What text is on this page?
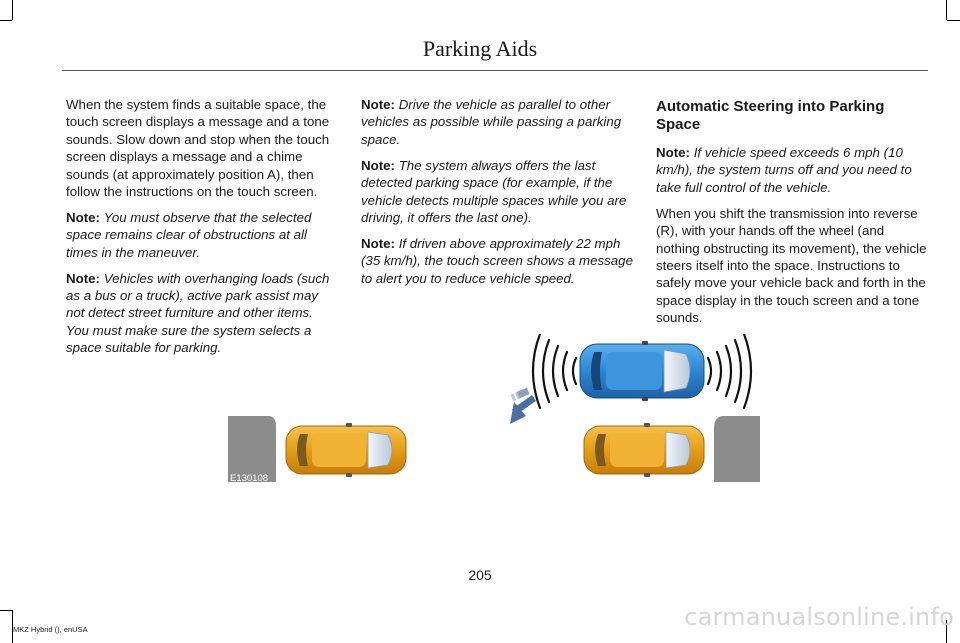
Parking Aids

When the system finds a suitable space, the touch screen displays a message and a tone sounds. Slow down and stop when the touch screen displays a message and a chime sounds (at approximately position A), then follow the instructions on the touch screen.

Note: You must observe that the selected space remains clear of obstructions at all times in the maneuver.

Note: Vehicles with overhanging loads (such as a bus or a truck), active park assist may not detect street furniture and other items. You must make sure the system selects a space suitable for parking.

Note: Drive the vehicle as parallel to other vehicles as possible while passing a parking space.

Note: The system always offers the last detected parking space (for example, if the vehicle detects multiple spaces while you are driving, it offers the last one).

Note: If driven above approximately 22 mph (35 km/h), the touch screen shows a message to alert you to reduce vehicle speed.

Automatic Steering into Parking Space

Note: If vehicle speed exceeds 6 mph (10 km/h), the system turns off and you need to take full control of the vehicle.

When you shift the transmission into reverse (R), with your hands off the wheel (and nothing obstructing its movement), the vehicle steers itself into the space. Instructions to safely move your vehicle back and forth in the space display in the touch screen and a tone sounds.

E130108
205
MKZ Hybrid (), enUSA	carmanualsonline.info
